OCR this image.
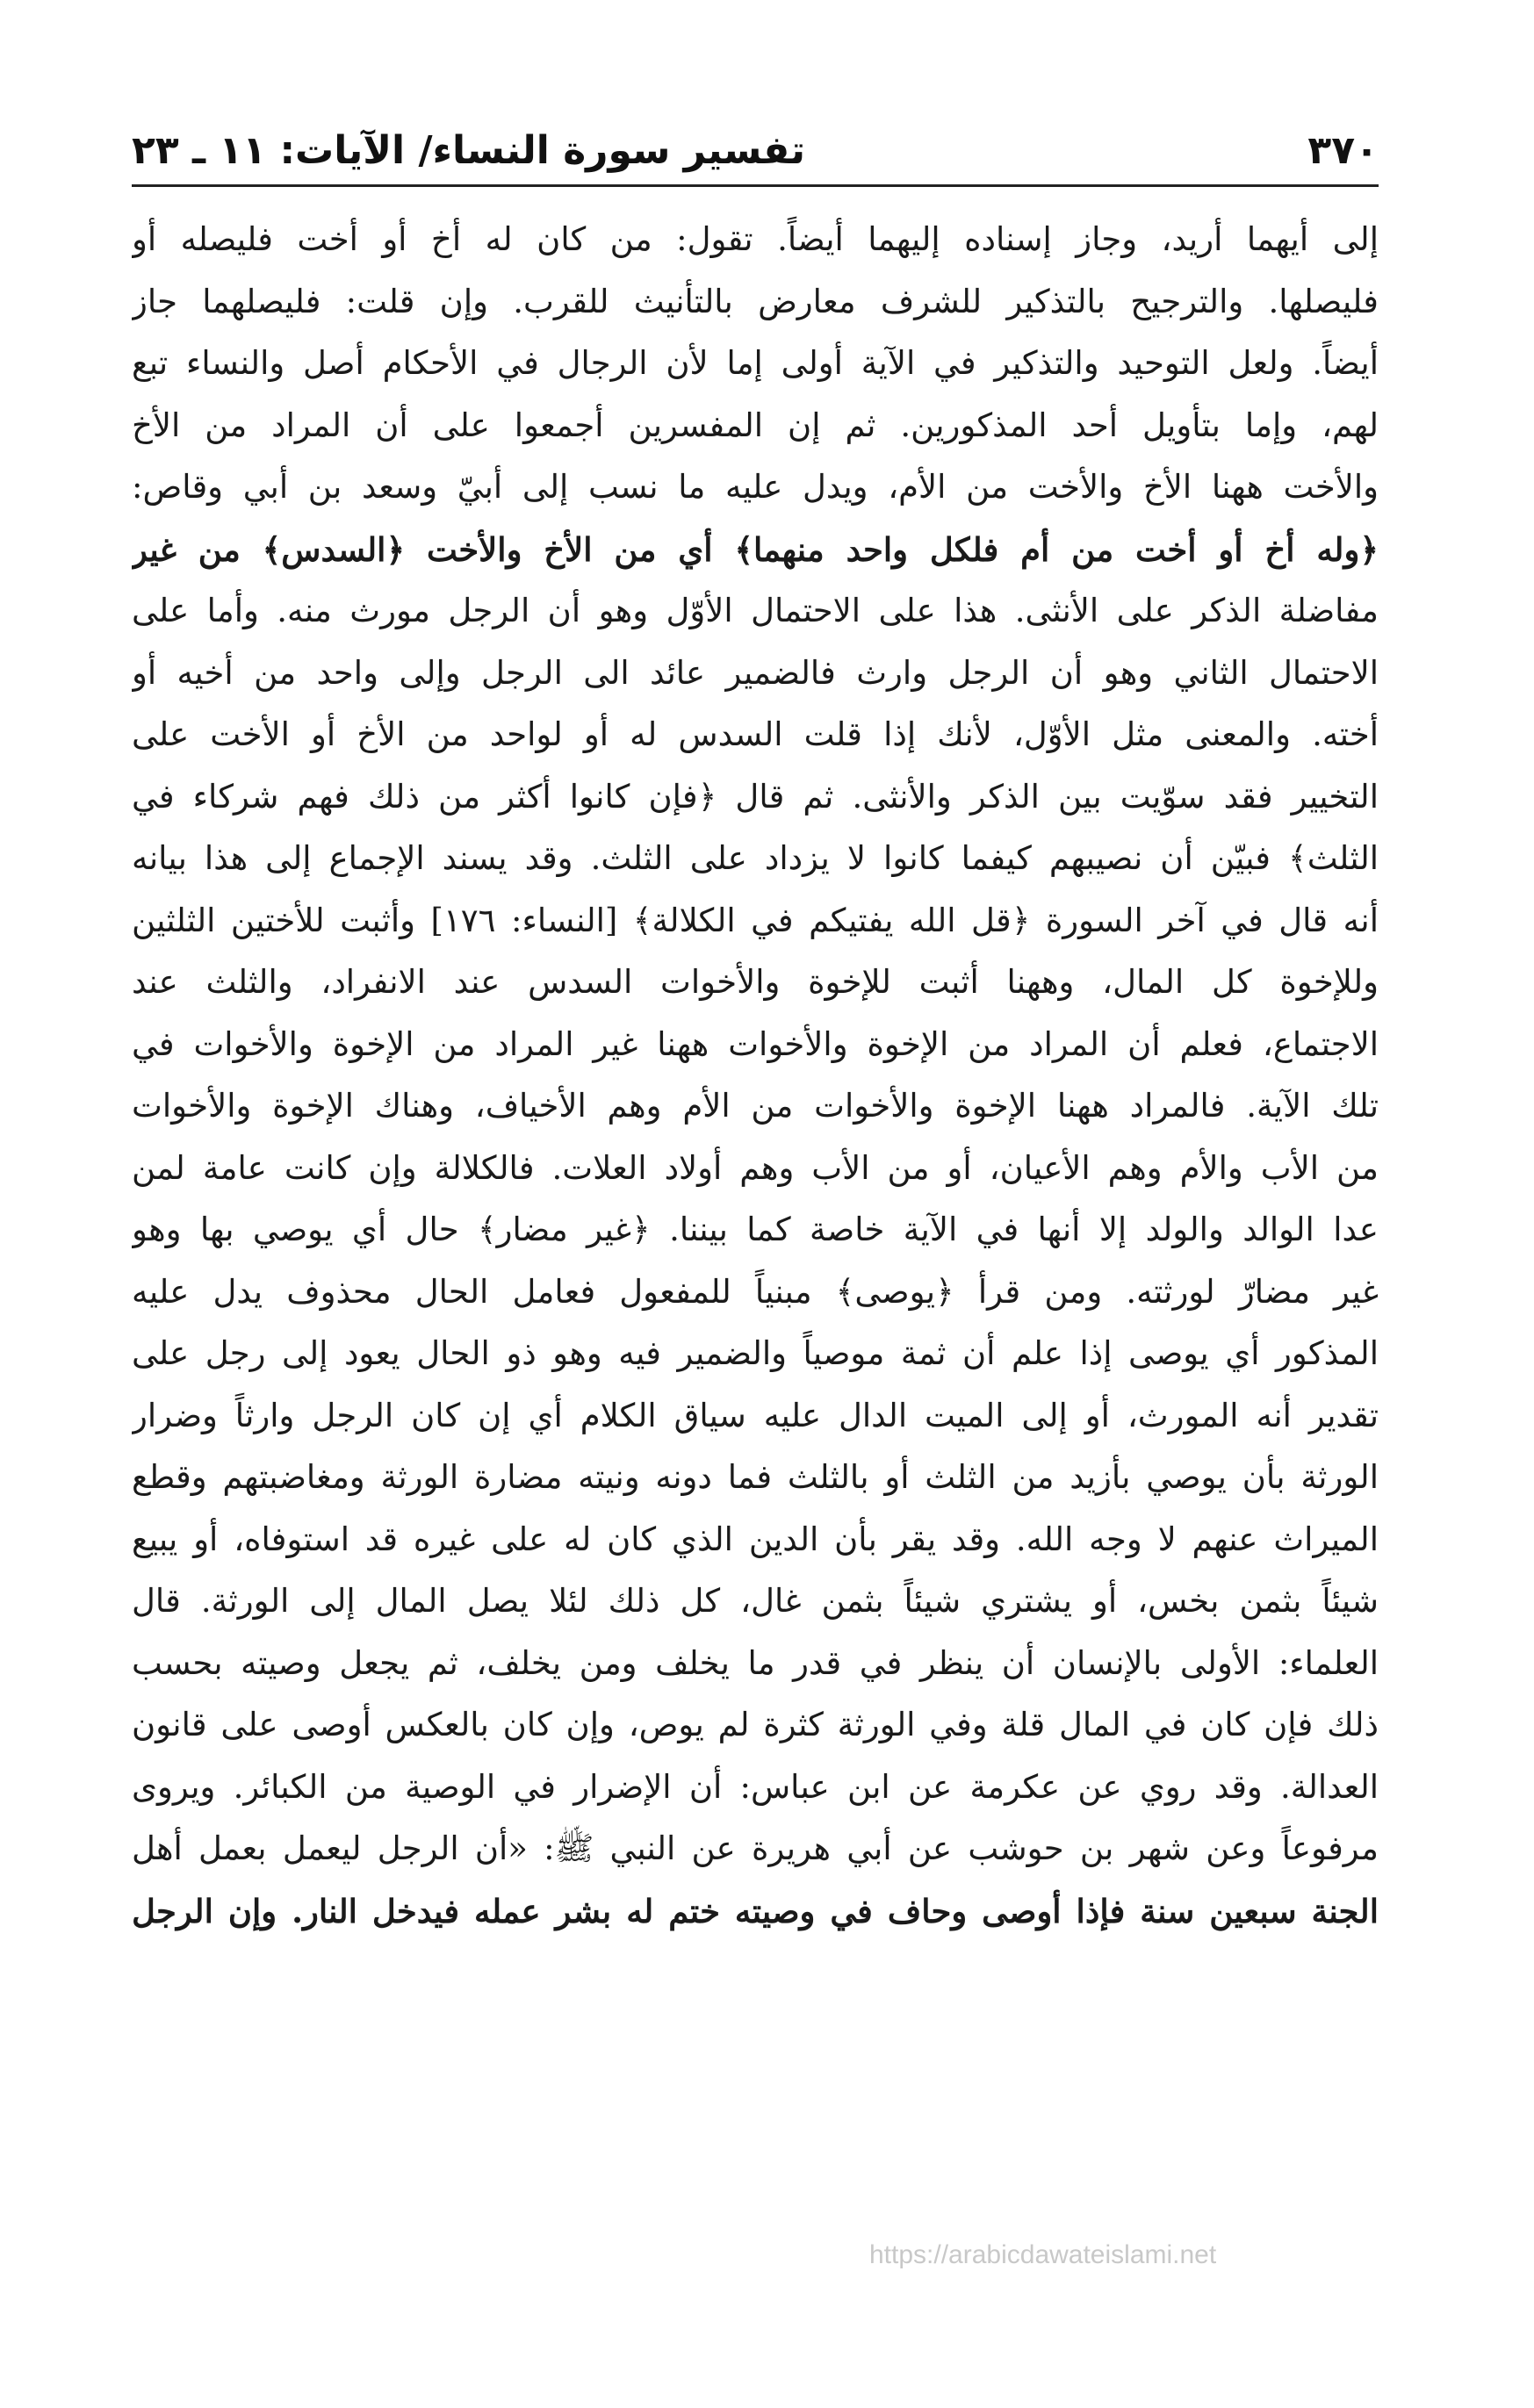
٣٧٠
تفسير سورة النساء/ الآيات: ١١ ـ ٢٣
إلى أيهما أريد، وجاز إسناده إليهما أيضاً. تقول: من كان له أخ أو أخت فليصله أو
فليصلها. والترجيح بالتذكير للشرف معارض بالتأنيث للقرب. وإن قلت: فليصلهما جاز
أيضاً. ولعل التوحيد والتذكير في الآية أولى إما لأن الرجال في الأحكام أصل والنساء تبع
لهم، وإما بتأويل أحد المذكورين. ثم إن المفسرين أجمعوا على أن المراد من الأخ
والأخت ههنا الأخ والأخت من الأم، ويدل عليه ما نسب إلى أبيّ وسعد بن أبي وقاص:
﴿وله أخ أو أخت من أم فلكل واحد منهما﴾ أي من الأخ والأخت ﴿السدس﴾ من غير
مفاضلة الذكر على الأنثى. هذا على الاحتمال الأوّل وهو أن الرجل مورث منه. وأما على
الاحتمال الثاني وهو أن الرجل وارث فالضمير عائد الى الرجل وإلى واحد من أخيه أو
أخته. والمعنى مثل الأوّل، لأنك إذا قلت السدس له أو لواحد من الأخ أو الأخت على
التخيير فقد سوّيت بين الذكر والأنثى. ثم قال ﴿فإن كانوا أكثر من ذلك فهم شركاء في
الثلث﴾ فبيّن أن نصيبهم كيفما كانوا لا يزداد على الثلث. وقد يسند الإجماع إلى هذا بيانه
أنه قال في آخر السورة ﴿قل الله يفتيكم في الكلالة﴾ [النساء: ١٧٦] وأثبت للأختين الثلثين
وللإخوة كل المال، وههنا أثبت للإخوة والأخوات السدس عند الانفراد، والثلث عند
الاجتماع، فعلم أن المراد من الإخوة والأخوات ههنا غير المراد من الإخوة والأخوات في
تلك الآية. فالمراد ههنا الإخوة والأخوات من الأم وهم الأخياف، وهناك الإخوة والأخوات
من الأب والأم وهم الأعيان، أو من الأب وهم أولاد العلات. فالكلالة وإن كانت عامة لمن
عدا الوالد والولد إلا أنها في الآية خاصة كما بيننا. ﴿غير مضار﴾ حال أي يوصي بها وهو
غير مضارّ لورثته. ومن قرأ ﴿يوصى﴾ مبنياً للمفعول فعامل الحال محذوف يدل عليه
المذكور أي يوصى إذا علم أن ثمة موصياً والضمير فيه وهو ذو الحال يعود إلى رجل على
تقدير أنه المورث، أو إلى الميت الدال عليه سياق الكلام أي إن كان الرجل وارثاً وضرار
الورثة بأن يوصي بأزيد من الثلث أو بالثلث فما دونه ونيته مضارة الورثة ومغاضبتهم وقطع
الميراث عنهم لا وجه الله. وقد يقر بأن الدين الذي كان له على غيره قد استوفاه، أو يبيع
شيئاً بثمن بخس، أو يشتري شيئاً بثمن غال، كل ذلك لئلا يصل المال إلى الورثة. قال
العلماء: الأولى بالإنسان أن ينظر في قدر ما يخلف ومن يخلف، ثم يجعل وصيته بحسب
ذلك فإن كان في المال قلة وفي الورثة كثرة لم يوص، وإن كان بالعكس أوصى على قانون
العدالة. وقد روي عن عكرمة عن ابن عباس: أن الإضرار في الوصية من الكبائر. ويروى
مرفوعاً وعن شهر بن حوشب عن أبي هريرة عن النبي ﷺ: «أن الرجل ليعمل بعمل أهل
الجنة سبعين سنة فإذا أوصى وحاف في وصيته ختم له بشر عمله فيدخل النار. وإن الرجل
https://arabicdawateislami.net
